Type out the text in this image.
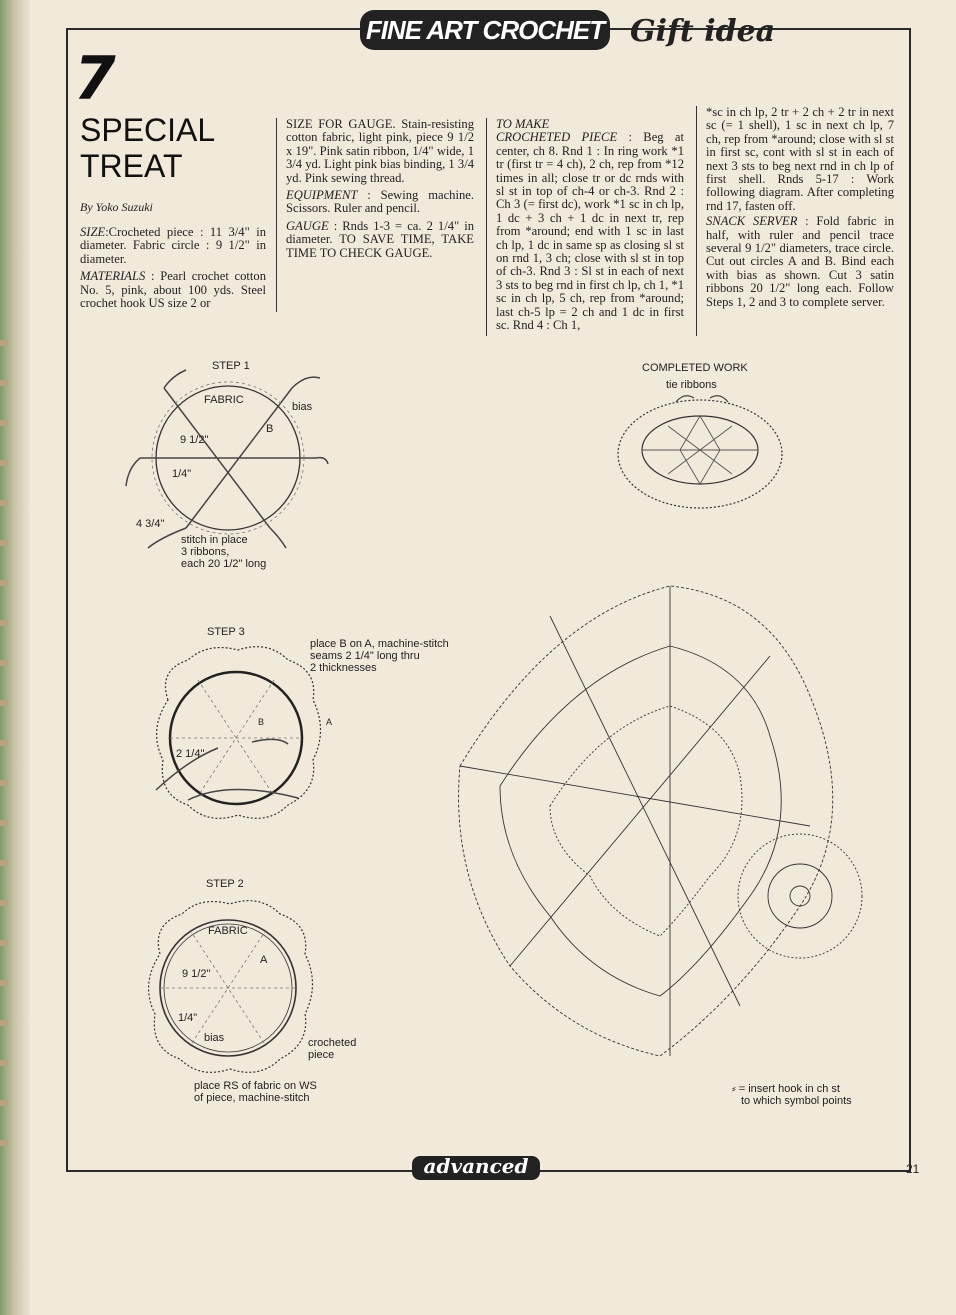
FINE ART CROCHET Gift idea
7
SPECIAL
TREAT
By Yoko Suzuki

SIZE:Crocheted piece : 11 3/4" in diameter. Fabric circle : 9 1/2" in diameter.

MATERIALS : Pearl crochet cotton No. 5, pink, about 100 yds. Steel crochet hook US size 2 or

SIZE FOR GAUGE. Stain-resisting cotton fabric, light pink, piece 9 1/2 x 19". Pink satin ribbon, 1/4" wide, 1 3/4 yd. Light pink bias binding, 1 3/4 yd. Pink sewing thread.

EQUIPMENT : Sewing machine. Scissors. Ruler and pencil.

GAUGE : Rnds 1-3 = ca. 2 1/4" in diameter. TO SAVE TIME, TAKE TIME TO CHECK GAUGE.

TO MAKE
CROCHETED PIECE : Beg at center, ch 8. Rnd 1 : In ring work *1 tr (first tr = 4 ch), 2 ch, rep from *12 times in all; close tr or dc rnds with sl st in top of ch-4 or ch-3. Rnd 2 : Ch 3 (= first dc), work *1 sc in ch lp, 1 dc + 3 ch + 1 dc in next tr, rep from *around; end with 1 sc in last ch lp, 1 dc in same sp as closing sl st on rnd 1, 3 ch; close with sl st in top of ch-3. Rnd 3 : Sl st in each of next 3 sts to beg rnd in first ch lp, ch 1, *1 sc in ch lp, 5 ch, rep from *around; last ch-5 lp = 2 ch and 1 dc in first sc. Rnd 4 : Ch 1,

*sc in ch lp, 2 tr + 2 ch + 2 tr in next sc (= 1 shell), 1 sc in next ch lp, 7 ch, rep from *around; close with sl st in first sc, cont with sl st in each of next 3 sts to beg next rnd in ch lp of first shell. Rnds 5-17 : Work following diagram. After completing rnd 17, fasten off.

SNACK SERVER : Fold fabric in half, with ruler and pencil trace several 9 1/2" diameters, trace circle. Cut out circles A and B. Bind each with bias as shown. Cut 3 satin ribbons 20 1/2" long each. Follow Steps 1, 2 and 3 to complete server.

STEP 1
FABRIC
bias
B
9 1/2"
1/4"
4 3/4"
stitch in place
3 ribbons,
each 20 1/2" long
STEP 3
place B on A, machine-stitch
seams 2 1/4" long thru
2 thicknesses
B	A
2 1/4"
STEP 2
FABRIC
A
9 1/2"
1/4"
bias	crocheted
piece
place RS of fabric on WS
of piece, machine-stitch
COMPLETED WORK
tie ribbons
⸗ = insert hook in ch st
to which symbol points
advanced	21
